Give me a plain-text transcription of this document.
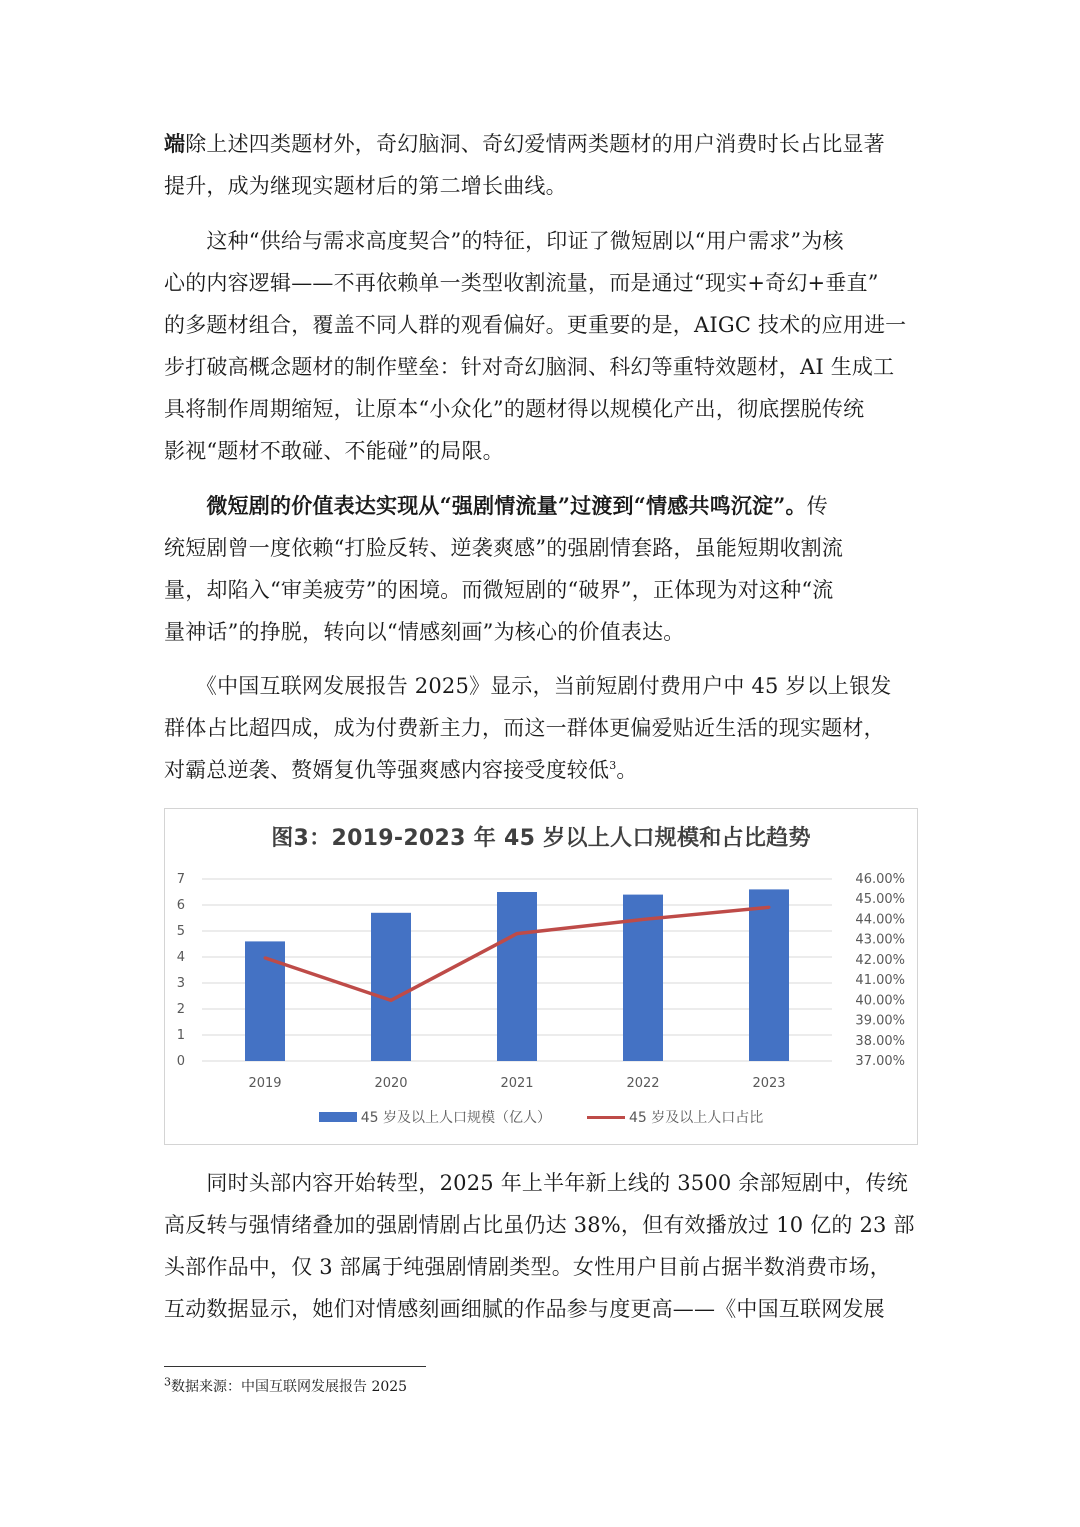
端除上述四类题材外，奇幻脑洞、奇幻爱情两类题材的用户消费时长占比显著
提升，成为继现实题材后的第二增长曲线。

　　这种“供给与需求高度契合”的特征，印证了微短剧以“用户需求”为核
心的内容逻辑——不再依赖单一类型收割流量，而是通过“现实+奇幻+垂直”
的多题材组合，覆盖不同人群的观看偏好。更重要的是，AIGC 技术的应用进一
步打破高概念题材的制作壁垒：针对奇幻脑洞、科幻等重特效题材，AI 生成工
具将制作周期缩短，让原本“小众化”的题材得以规模化产出，彻底摆脱传统
影视“题材不敢碰、不能碰”的局限。

　　微短剧的价值表达实现从“强剧情流量”过渡到“情感共鸣沉淀”。传
统短剧曾一度依赖“打脸反转、逆袭爽感”的强剧情套路，虽能短期收割流
量，却陷入“审美疲劳”的困境。而微短剧的“破界”，正体现为对这种“流
量神话”的挣脱，转向以“情感刻画”为核心的价值表达。

　　《中国互联网发展报告 2025》显示，当前短剧付费用户中 45 岁以上银发
群体占比超四成，成为付费新主力，而这一群体更偏爱贴近生活的现实题材，
对霸总逆袭、赘婿复仇等强爽感内容接受度较低$^3$。

0
1
2
3
4
5
6
7
37.00%
38.00%
39.00%
40.00%
41.00%
42.00%
43.00%
44.00%
45.00%
46.00%
2019	2020	2021	2022	2023
图3：2019-2023 年 45 岁以上人口规模和占比趋势
45 岁及以上人口规模（亿人）	45 岁及以上人口占比

　　同时头部内容开始转型，2025 年上半年新上线的 3500 余部短剧中，传统
高反转与强情绪叠加的强剧情剧占比虽仍达 38%，但有效播放过 10 亿的 23 部
头部作品中，仅 3 部属于纯强剧情剧类型。女性用户目前占据半数消费市场，
互动数据显示，她们对情感刻画细腻的作品参与度更高——《中国互联网发展

$^3$数据来源：中国互联网发展报告 2025
